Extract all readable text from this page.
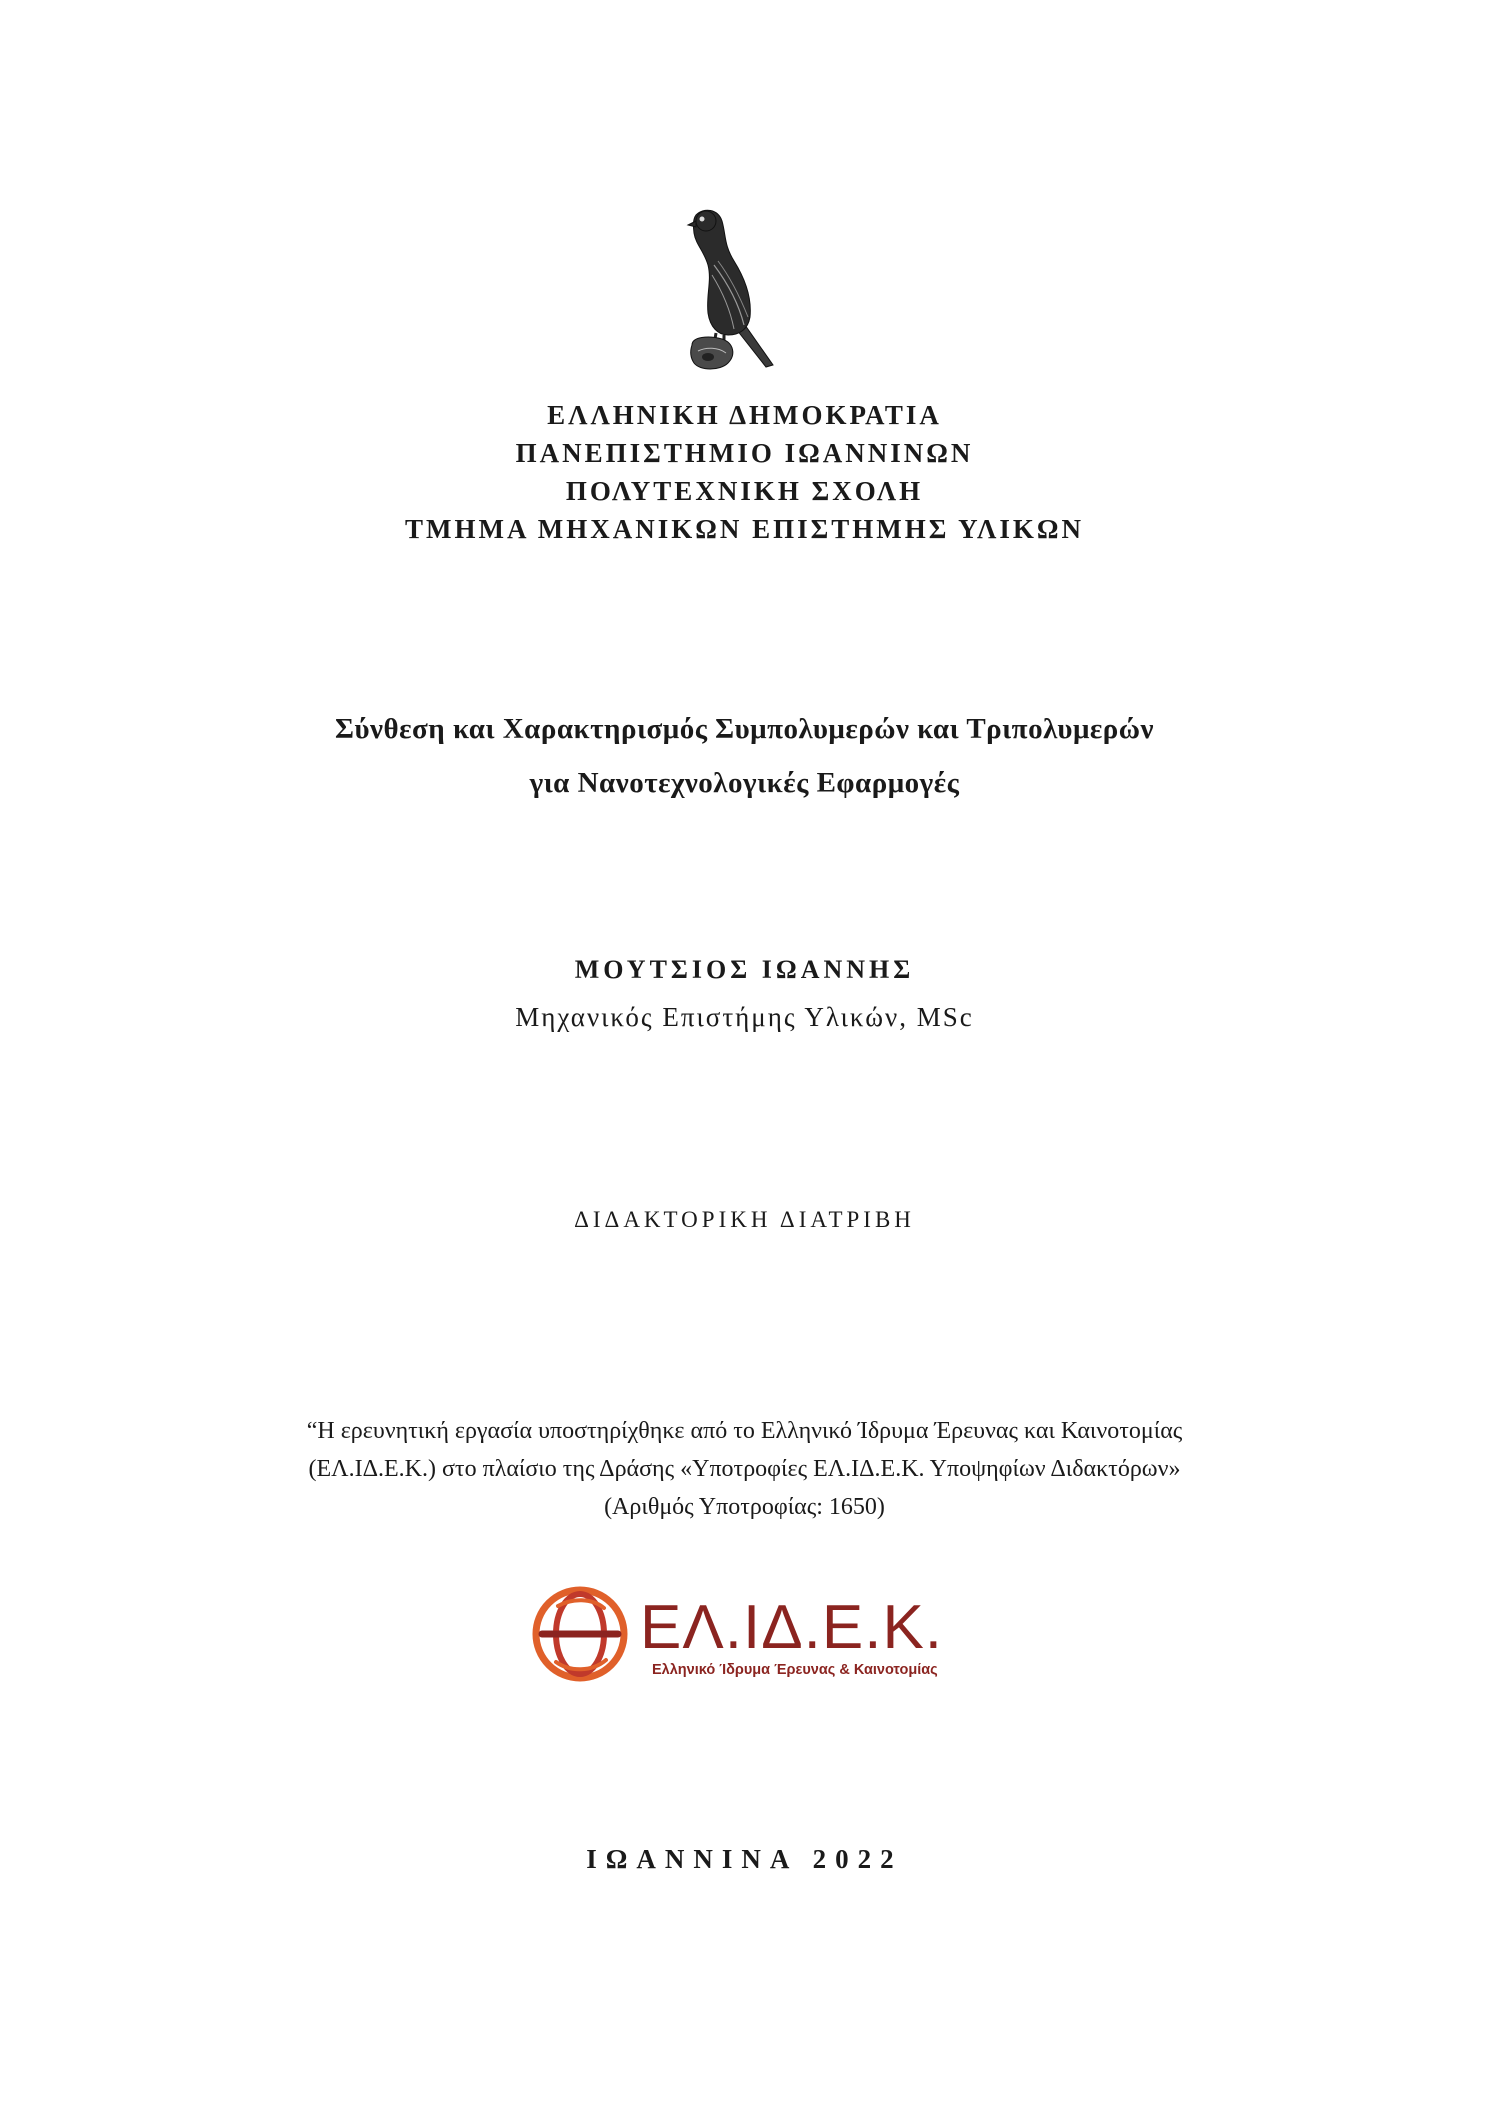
ΕΛΛΗΝΙΚΗ ΔΗΜΟΚΡΑΤΙΑ
ΠΑΝΕΠΙΣΤΗΜΙΟ ΙΩΑΝΝΙΝΩΝ
ΠΟΛΥΤΕΧΝΙΚΗ ΣΧΟΛΗ
ΤΜΗΜΑ ΜΗΧΑΝΙΚΩΝ ΕΠΙΣΤΗΜΗΣ ΥΛΙΚΩΝ
Σύνθεση και Χαρακτηρισμός Συμπολυμερών και Τριπολυμερών
για Νανοτεχνολογικές Εφαρμογές
ΜΟΥΤΣΙΟΣ ΙΩΑΝΝΗΣ
Μηχανικός Επιστήμης Υλικών, MSc
ΔΙΔΑΚΤΟΡΙΚΗ ΔΙΑΤΡΙΒΗ
“Η ερευνητική εργασία υποστηρίχθηκε από το Ελληνικό Ίδρυμα Έρευνας και Καινοτομίας
(ΕΛ.ΙΔ.Ε.Κ.) στο πλαίσιο της Δράσης «Υποτροφίες ΕΛ.ΙΔ.Ε.Κ. Υποψηφίων Διδακτόρων»
(Αριθμός Υποτροφίας: 1650)
ΕΛ.ΙΔ.Ε.Κ.
Ελληνικό Ίδρυμα Έρευνας & Καινοτομίας
ΙΩΑΝΝΙΝΑ 2022
